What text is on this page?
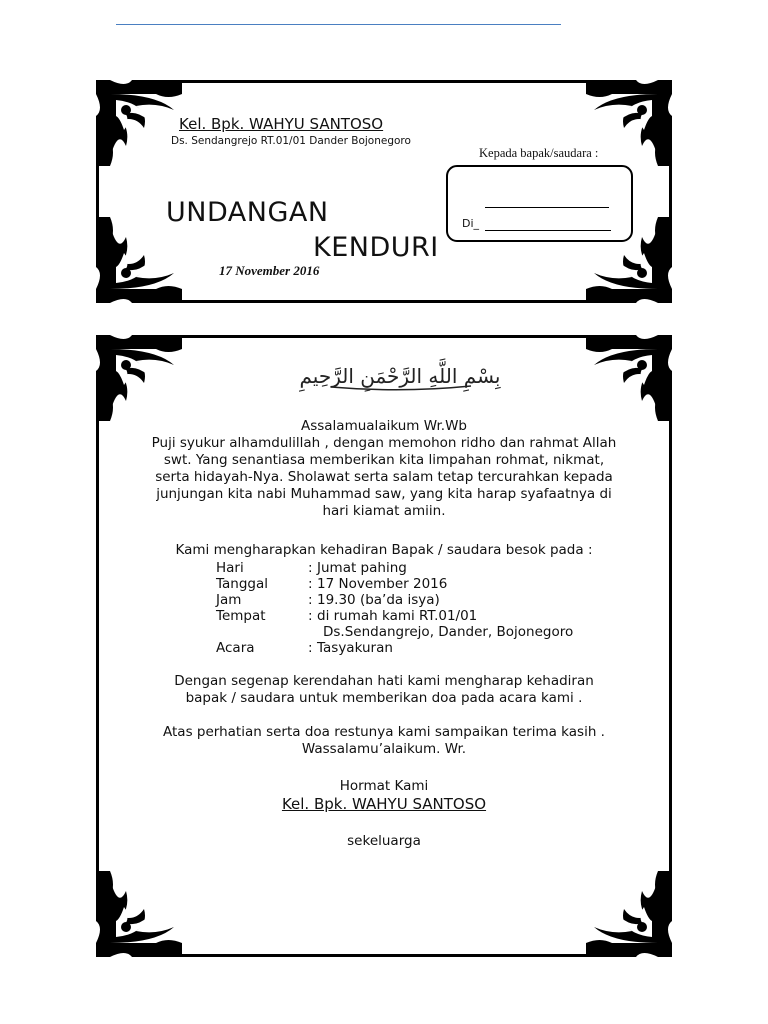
Kel. Bpk. WAHYU SANTOSO
Ds. Sendangrejo RT.01/01 Dander Bojonegoro
Kepada bapak/saudara :
UNDANGAN
KENDURI
17 November 2016
Di_
بِسْمِ اللَّهِ الرَّحْمَنِ الرَّحِيمِ
Assalamualaikum Wr.Wb

Puji syukur alhamdulillah , dengan memohon ridho dan rahmat Allah

swt. Yang senantiasa memberikan kita limpahan rohmat, nikmat,

serta hidayah-Nya. Sholawat serta salam tetap tercurahkan kepada

junjungan kita nabi Muhammad saw, yang kita harap syafaatnya di

hari kiamat amiin.

Kami mengharapkan kehadiran Bapak / saudara besok pada :
Hari	: Jumat pahing
Tanggal	: 17 November 2016
Jam	: 19.30 (ba’da isya)
Tempat	: di rumah kami RT.01/01
Ds.Sendangrejo, Dander, Bojonegoro
Acara	: Tasyakuran

Dengan segenap kerendahan hati kami mengharap kehadiran

bapak / saudara untuk memberikan doa pada acara kami .

Atas perhatian serta doa restunya kami sampaikan terima kasih .

Wassalamu’alaikum. Wr.

Hormat Kami
Kel. Bpk. WAHYU SANTOSO
sekeluarga
